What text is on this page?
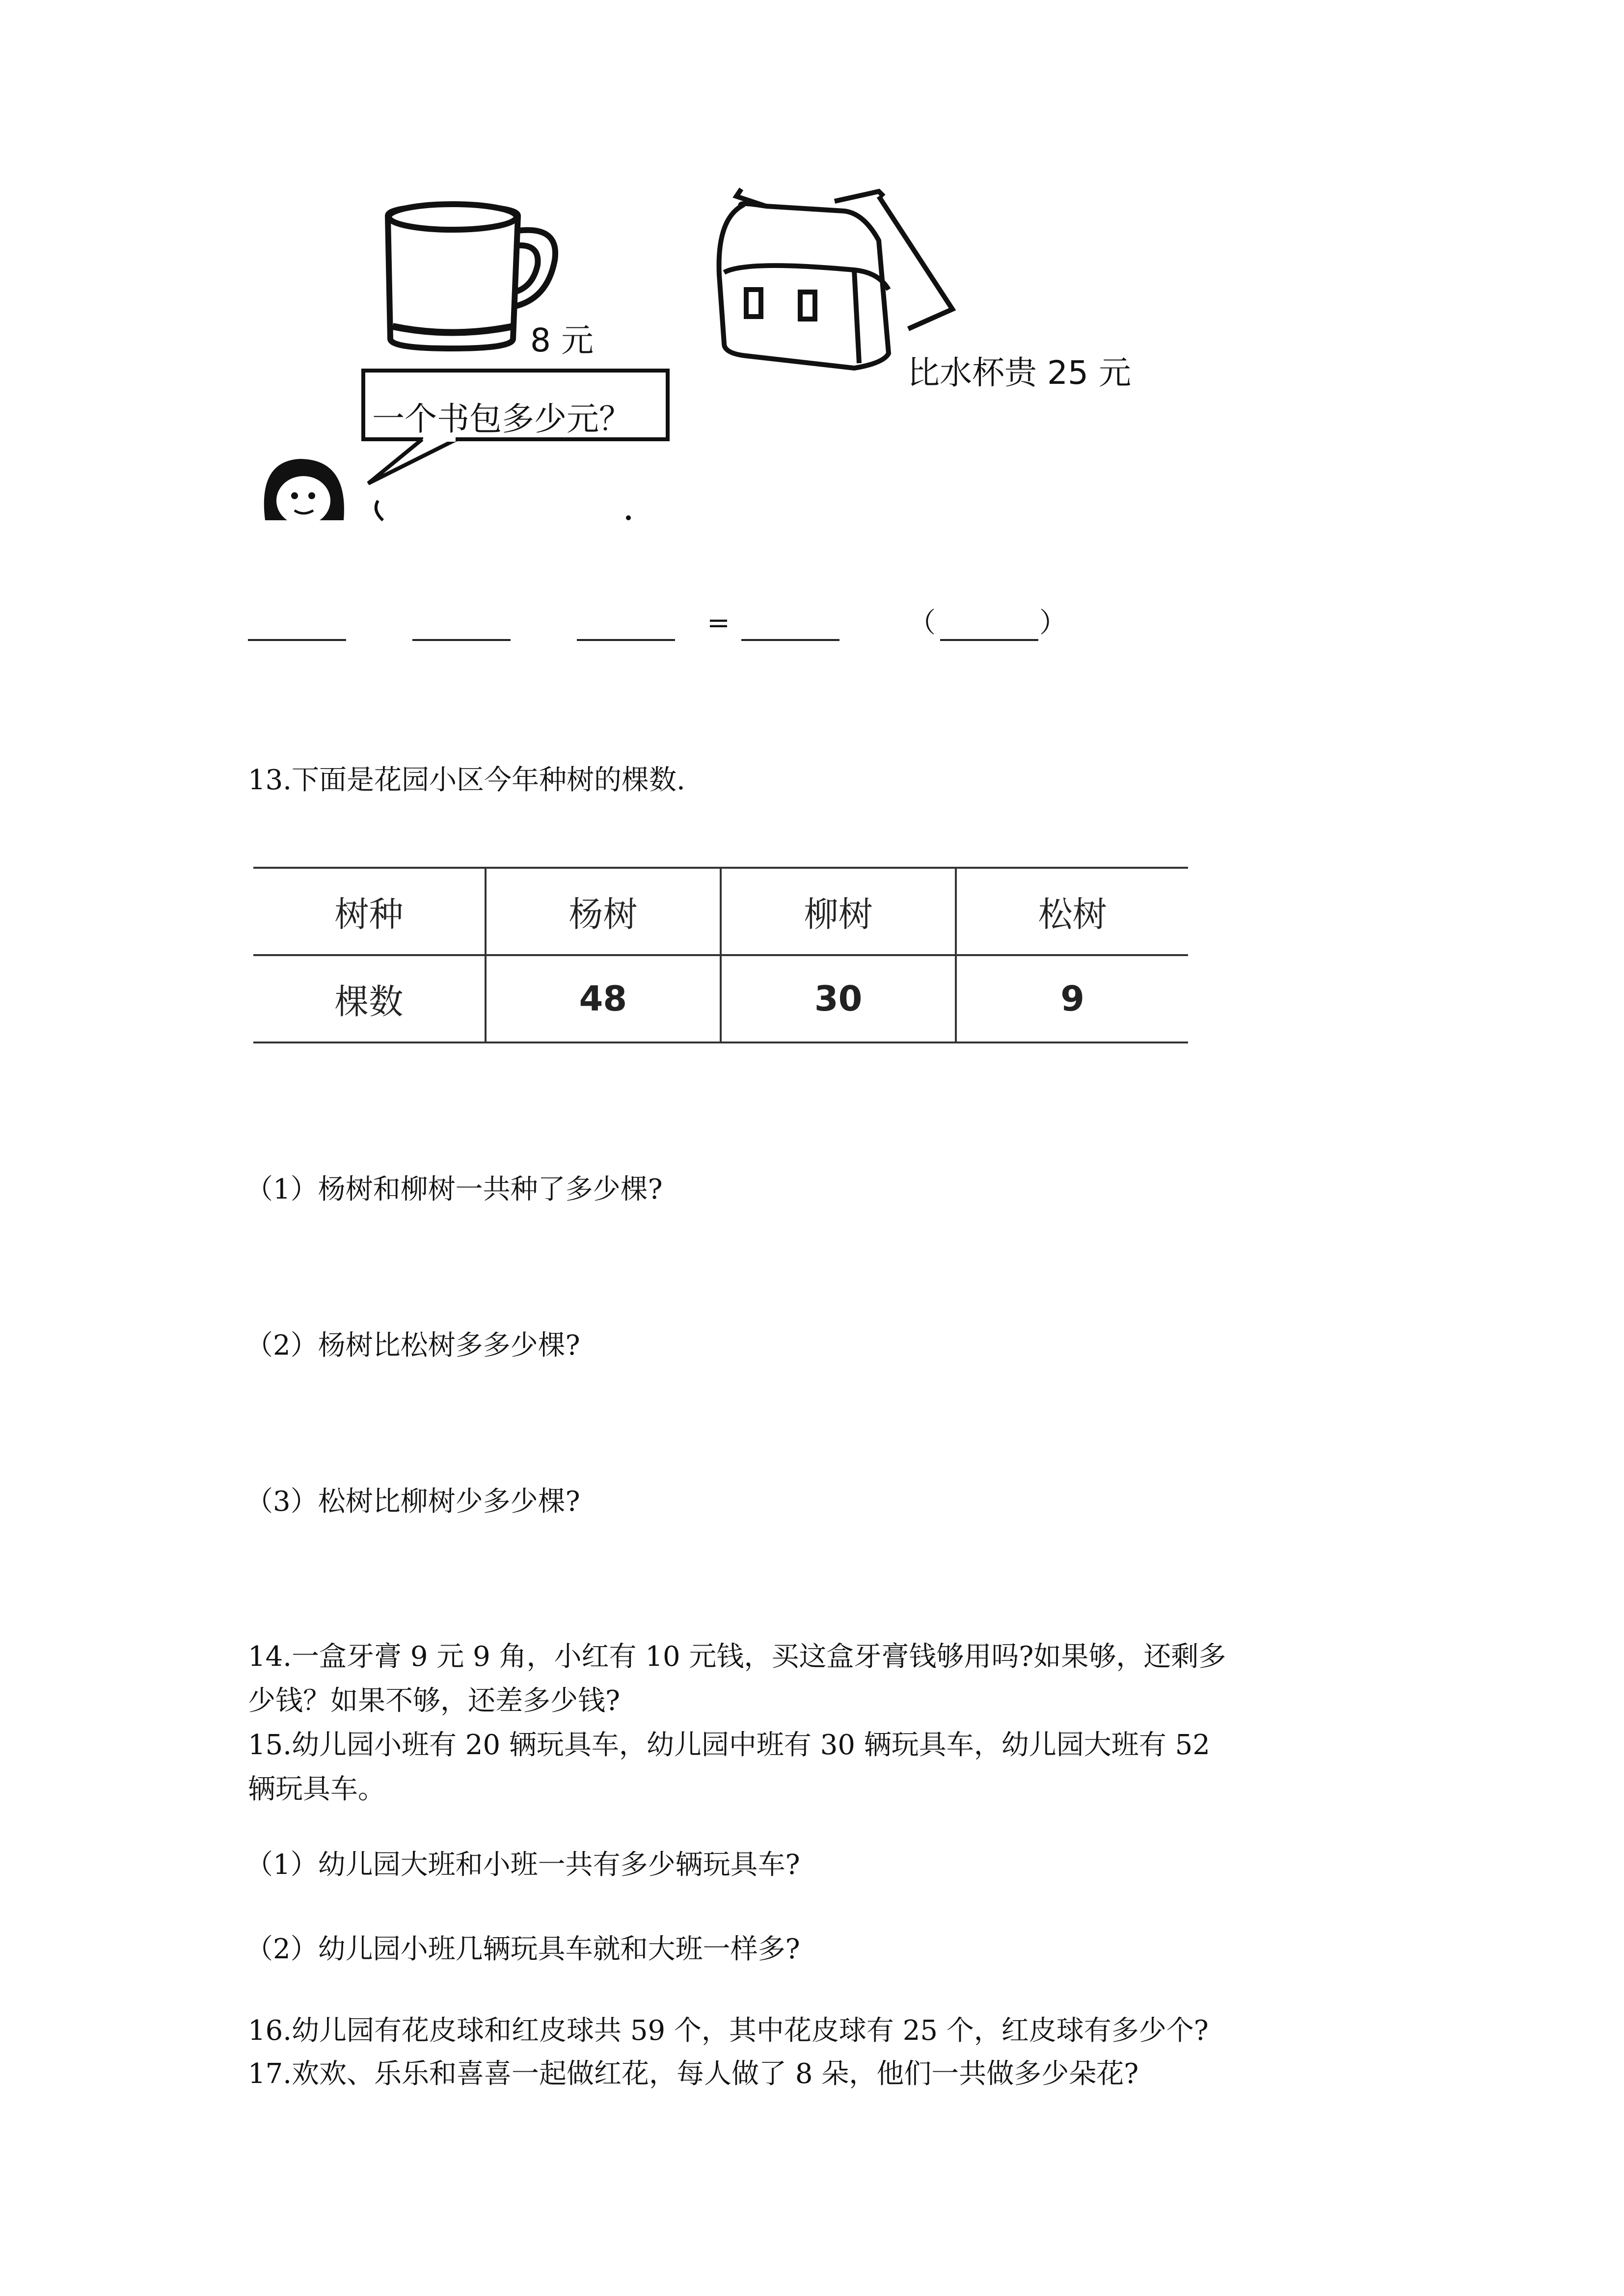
8 元
比水杯贵 25 元
一个书包多少元？
=	（	）
13.下面是花园小区今年种树的棵数.
树种	杨树	柳树	松树
棵数	48	30	9
（1）杨树和柳树一共种了多少棵?
（2）杨树比松树多多少棵?
（3）松树比柳树少多少棵?
14.一盒牙膏 9 元 9 角，小红有 10 元钱，买这盒牙膏钱够用吗?如果够，还剩多
少钱？如果不够，还差多少钱?
15.幼儿园小班有 20 辆玩具车，幼儿园中班有 30 辆玩具车，幼儿园大班有 52
辆玩具车。
（1）幼儿园大班和小班一共有多少辆玩具车?
（2）幼儿园小班几辆玩具车就和大班一样多?
16.幼儿园有花皮球和红皮球共 59 个，其中花皮球有 25 个，红皮球有多少个?
17.欢欢、乐乐和喜喜一起做红花，每人做了 8 朵，他们一共做多少朵花?
